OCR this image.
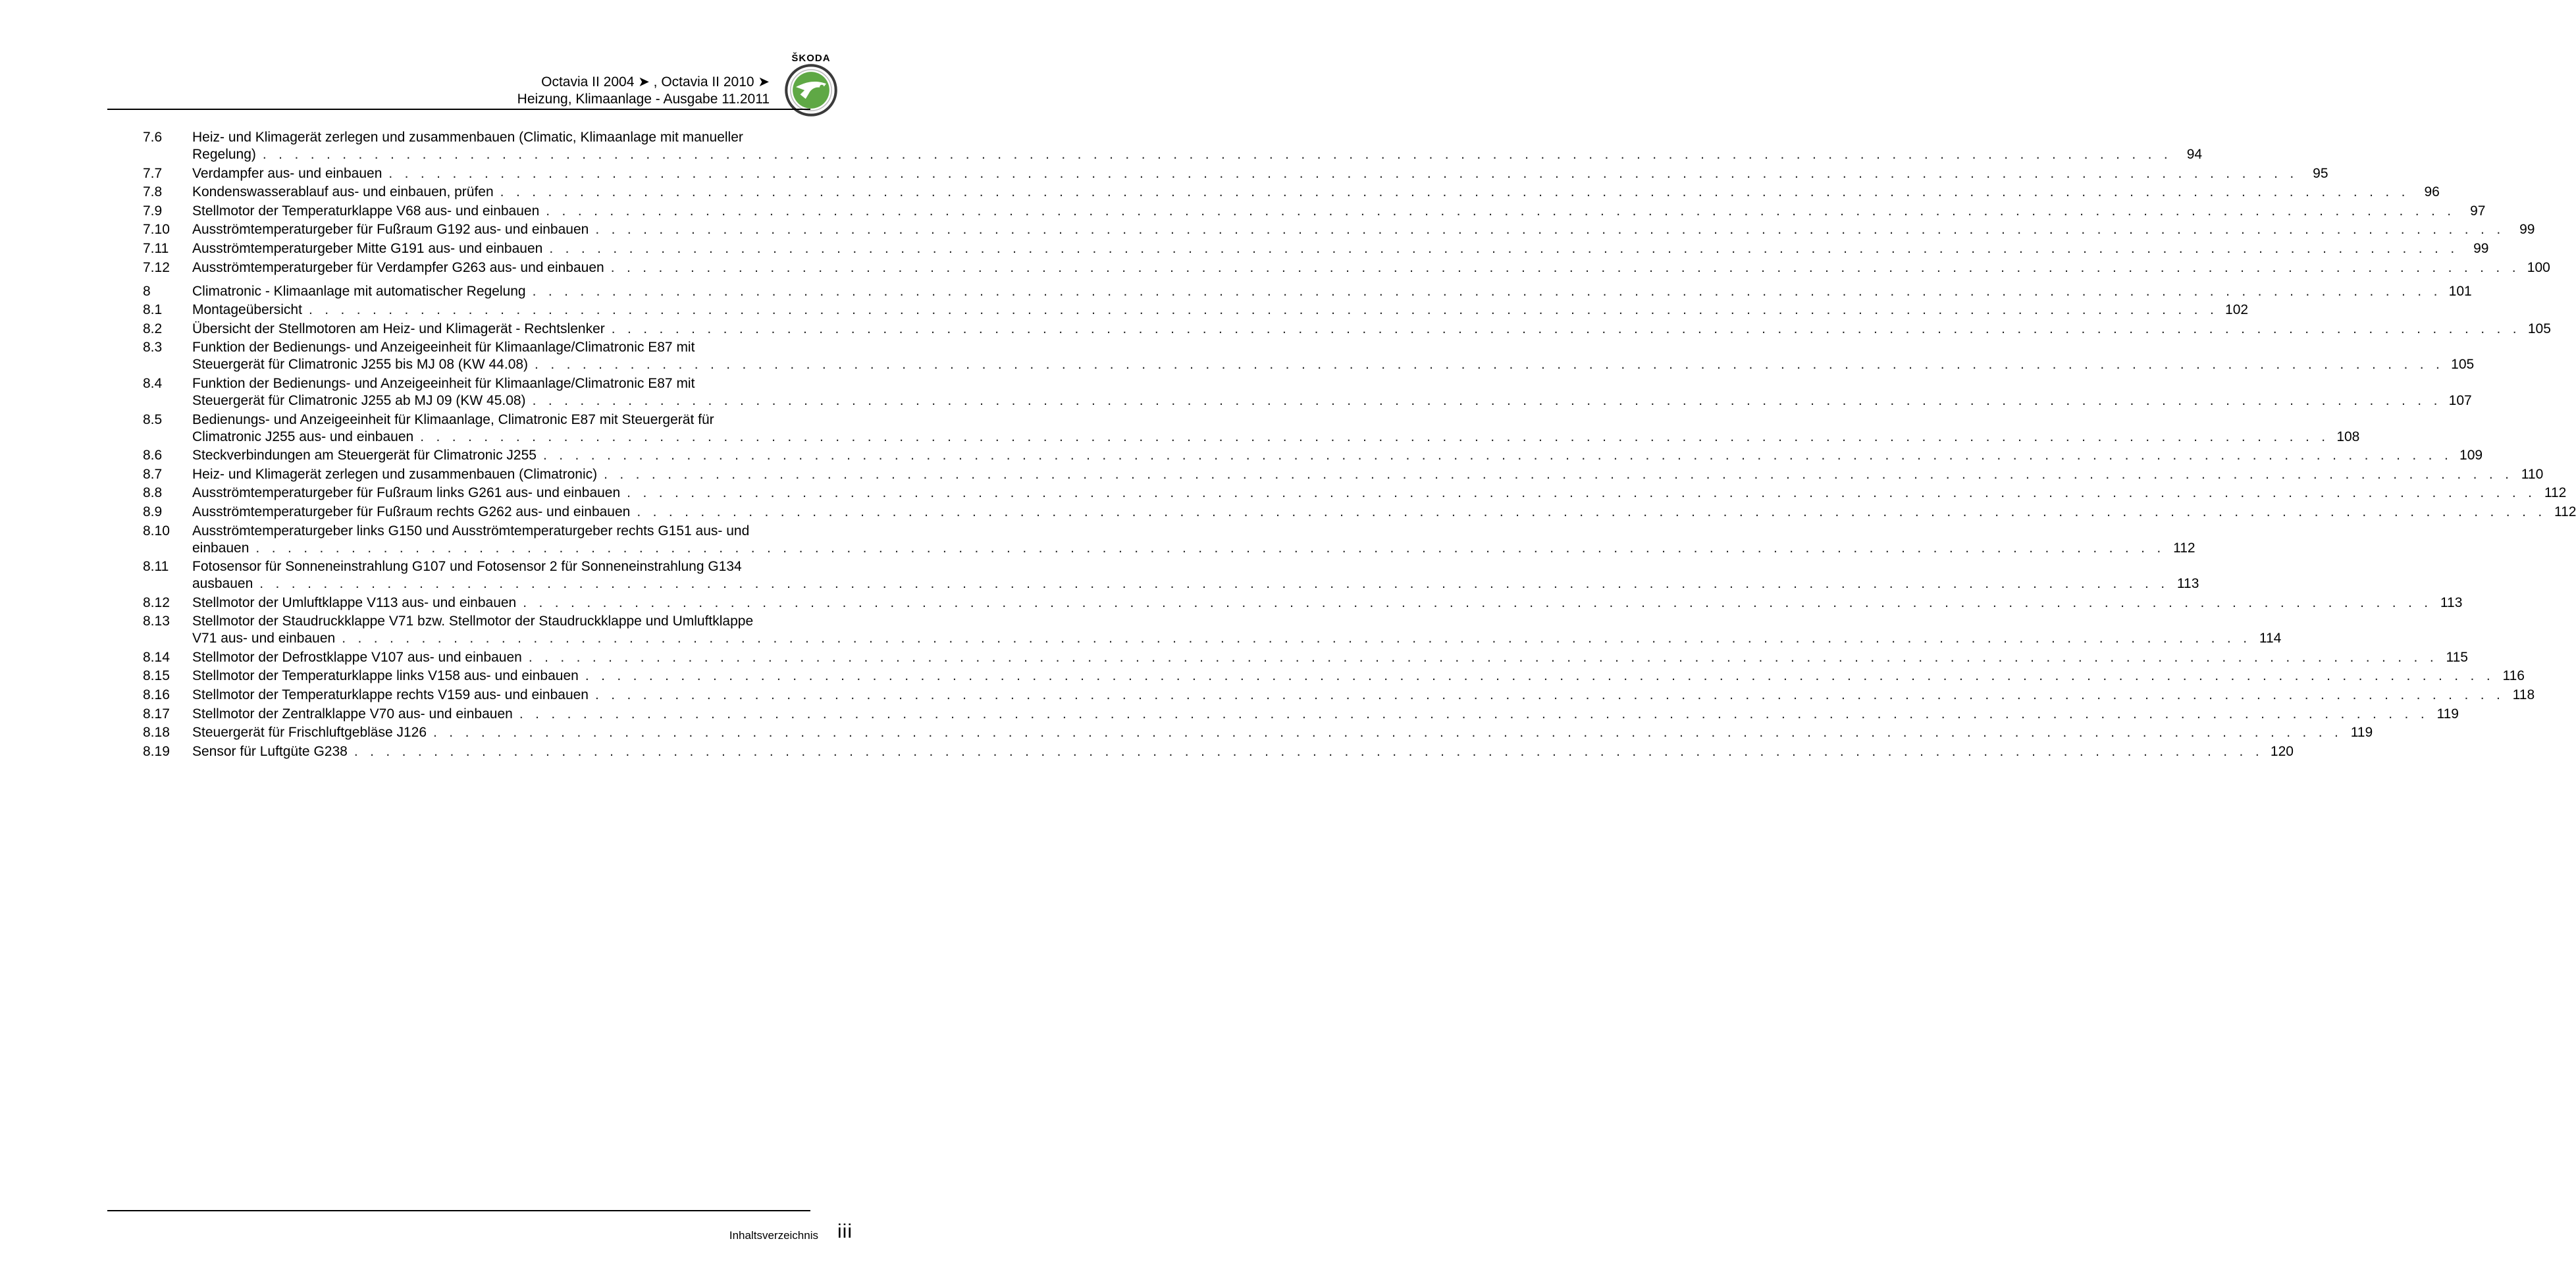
ŠKODA
Octavia II 2004 ➤ , Octavia II 2010 ➤
Heizung, Klimaanlage - Ausgabe 11.2011
7.6 Heiz- und Klimagerät zerlegen und zusammenbauen (Climatic, Klimaanlage mit manueller
Regelung) . . . . . . . . . . . . . . . . . . . . . . . . . . . . . . . . . . . . . . . . . . . . . . . . . . . . . . . . . . . . . . . . . . . . . . . . . . . . . . . . . . . . . . . . . . . . . . . . . . . . . . . . . . . . . . . . . . . . . . . .	94
7.7 Verdampfer aus- und einbauen . . . . . . . . . . . . . . . . . . . . . . . . . . . . . . . . . . . . . . . . . . . . . . . . . . . . . . . . . . . . . . . . . . . . . . . . . . . . . . . . . . . . . . . . . . . . . . . . . . . . . . . . . . . . . . . . . . . . . . . .	95
7.8 Kondenswasserablauf aus- und einbauen, prüfen . . . . . . . . . . . . . . . . . . . . . . . . . . . . . . . . . . . . . . . . . . . . . . . . . . . . . . . . . . . . . . . . . . . . . . . . . . . . . . . . . . . . . . . . . . . . . . . . . . . . . . . . . . . . . . . . . . . . . . . .	96
7.9 Stellmotor der Temperaturklappe V68 aus- und einbauen . . . . . . . . . . . . . . . . . . . . . . . . . . . . . . . . . . . . . . . . . . . . . . . . . . . . . . . . . . . . . . . . . . . . . . . . . . . . . . . . . . . . . . . . . . . . . . . . . . . . . . . . . . . . . . . . . . . . . . . .	97
7.10 Ausströmtemperaturgeber für Fußraum G192 aus- und einbauen . . . . . . . . . . . . . . . . . . . . . . . . . . . . . . . . . . . . . . . . . . . . . . . . . . . . . . . . . . . . . . . . . . . . . . . . . . . . . . . . . . . . . . . . . . . . . . . . . . . . . . . . . . . . . . . . . . . . . . . .	99
7.11 Ausströmtemperaturgeber Mitte G191 aus- und einbauen . . . . . . . . . . . . . . . . . . . . . . . . . . . . . . . . . . . . . . . . . . . . . . . . . . . . . . . . . . . . . . . . . . . . . . . . . . . . . . . . . . . . . . . . . . . . . . . . . . . . . . . . . . . . . . . . . . . . . . . .	99
7.12 Ausströmtemperaturgeber für Verdampfer G263 aus- und einbauen . . . . . . . . . . . . . . . . . . . . . . . . . . . . . . . . . . . . . . . . . . . . . . . . . . . . . . . . . . . . . . . . . . . . . . . . . . . . . . . . . . . . . . . . . . . . . . . . . . . . . . . . . . . . . . . . . . . . . . . . 100
8	Climatronic - Klimaanlage mit automatischer Regelung . . . . . . . . . . . . . . . . . . . . . . . . . . . . . . . . . . . . . . . . . . . . . . . . . . . . . . . . . . . . . . . . . . . . . . . . . . . . . . . . . . . . . . . . . . . . . . . . . . . . . . . . . . . . . . . . . . . . . . . . 101
8.1 Montageübersicht . . . . . . . . . . . . . . . . . . . . . . . . . . . . . . . . . . . . . . . . . . . . . . . . . . . . . . . . . . . . . . . . . . . . . . . . . . . . . . . . . . . . . . . . . . . . . . . . . . . . . . . . . . . . . . . . . . . . . . . . 102
8.2 Übersicht der Stellmotoren am Heiz- und Klimagerät - Rechtslenker . . . . . . . . . . . . . . . . . . . . . . . . . . . . . . . . . . . . . . . . . . . . . . . . . . . . . . . . . . . . . . . . . . . . . . . . . . . . . . . . . . . . . . . . . . . . . . . . . . . . . . . . . . . . . . . . . . . . . . . . 105
8.3 Funktion der Bedienungs- und Anzeigeeinheit für Klimaanlage/Climatronic E87 mit
Steuergerät für Climatronic J255 bis MJ 08 (KW 44.08) . . . . . . . . . . . . . . . . . . . . . . . . . . . . . . . . . . . . . . . . . . . . . . . . . . . . . . . . . . . . . . . . . . . . . . . . . . . . . . . . . . . . . . . . . . . . . . . . . . . . . . . . . . . . . . . . . . . . . . . . 105
8.4 Funktion der Bedienungs- und Anzeigeeinheit für Klimaanlage/Climatronic E87 mit
Steuergerät für Climatronic J255 ab MJ 09 (KW 45.08) . . . . . . . . . . . . . . . . . . . . . . . . . . . . . . . . . . . . . . . . . . . . . . . . . . . . . . . . . . . . . . . . . . . . . . . . . . . . . . . . . . . . . . . . . . . . . . . . . . . . . . . . . . . . . . . . . . . . . . . . 107
8.5 Bedienungs- und Anzeigeeinheit für Klimaanlage, Climatronic E87 mit Steuergerät für
Climatronic J255 aus- und einbauen . . . . . . . . . . . . . . . . . . . . . . . . . . . . . . . . . . . . . . . . . . . . . . . . . . . . . . . . . . . . . . . . . . . . . . . . . . . . . . . . . . . . . . . . . . . . . . . . . . . . . . . . . . . . . . . . . . . . . . . . 108
8.6 Steckverbindungen am Steuergerät für Climatronic J255 . . . . . . . . . . . . . . . . . . . . . . . . . . . . . . . . . . . . . . . . . . . . . . . . . . . . . . . . . . . . . . . . . . . . . . . . . . . . . . . . . . . . . . . . . . . . . . . . . . . . . . . . . . . . . . . . . . . . . . . . 109
8.7 Heiz- und Klimagerät zerlegen und zusammenbauen (Climatronic) . . . . . . . . . . . . . . . . . . . . . . . . . . . . . . . . . . . . . . . . . . . . . . . . . . . . . . . . . . . . . . . . . . . . . . . . . . . . . . . . . . . . . . . . . . . . . . . . . . . . . . . . . . . . . . . . . . . . . . . . 110
8.8 Ausströmtemperaturgeber für Fußraum links G261 aus- und einbauen . . . . . . . . . . . . . . . . . . . . . . . . . . . . . . . . . . . . . . . . . . . . . . . . . . . . . . . . . . . . . . . . . . . . . . . . . . . . . . . . . . . . . . . . . . . . . . . . . . . . . . . . . . . . . . . . . . . . . . . . 112
8.9 Ausströmtemperaturgeber für Fußraum rechts G262 aus- und einbauen . . . . . . . . . . . . . . . . . . . . . . . . . . . . . . . . . . . . . . . . . . . . . . . . . . . . . . . . . . . . . . . . . . . . . . . . . . . . . . . . . . . . . . . . . . . . . . . . . . . . . . . . . . . . . . . . . . . . . . . . 112
8.10 Ausströmtemperaturgeber links G150 und Ausströmtemperaturgeber rechts G151 aus- und
einbauen . . . . . . . . . . . . . . . . . . . . . . . . . . . . . . . . . . . . . . . . . . . . . . . . . . . . . . . . . . . . . . . . . . . . . . . . . . . . . . . . . . . . . . . . . . . . . . . . . . . . . . . . . . . . . . . . . . . . . . . . 112
8.11 Fotosensor für Sonneneinstrahlung G107 und Fotosensor 2 für Sonneneinstrahlung G134
ausbauen . . . . . . . . . . . . . . . . . . . . . . . . . . . . . . . . . . . . . . . . . . . . . . . . . . . . . . . . . . . . . . . . . . . . . . . . . . . . . . . . . . . . . . . . . . . . . . . . . . . . . . . . . . . . . . . . . . . . . . . . 113
8.12 Stellmotor der Umluftklappe V113 aus- und einbauen . . . . . . . . . . . . . . . . . . . . . . . . . . . . . . . . . . . . . . . . . . . . . . . . . . . . . . . . . . . . . . . . . . . . . . . . . . . . . . . . . . . . . . . . . . . . . . . . . . . . . . . . . . . . . . . . . . . . . . . . 113
8.13 Stellmotor der Staudruckklappe V71 bzw. Stellmotor der Staudruckklappe und Umluftklappe
V71 aus- und einbauen . . . . . . . . . . . . . . . . . . . . . . . . . . . . . . . . . . . . . . . . . . . . . . . . . . . . . . . . . . . . . . . . . . . . . . . . . . . . . . . . . . . . . . . . . . . . . . . . . . . . . . . . . . . . . . . . . . . . . . . . 114
8.14 Stellmotor der Defrostklappe V107 aus- und einbauen . . . . . . . . . . . . . . . . . . . . . . . . . . . . . . . . . . . . . . . . . . . . . . . . . . . . . . . . . . . . . . . . . . . . . . . . . . . . . . . . . . . . . . . . . . . . . . . . . . . . . . . . . . . . . . . . . . . . . . . . 115
8.15 Stellmotor der Temperaturklappe links V158 aus- und einbauen . . . . . . . . . . . . . . . . . . . . . . . . . . . . . . . . . . . . . . . . . . . . . . . . . . . . . . . . . . . . . . . . . . . . . . . . . . . . . . . . . . . . . . . . . . . . . . . . . . . . . . . . . . . . . . . . . . . . . . . . 116
8.16 Stellmotor der Temperaturklappe rechts V159 aus- und einbauen . . . . . . . . . . . . . . . . . . . . . . . . . . . . . . . . . . . . . . . . . . . . . . . . . . . . . . . . . . . . . . . . . . . . . . . . . . . . . . . . . . . . . . . . . . . . . . . . . . . . . . . . . . . . . . . . . . . . . . . . 118
8.17 Stellmotor der Zentralklappe V70 aus- und einbauen . . . . . . . . . . . . . . . . . . . . . . . . . . . . . . . . . . . . . . . . . . . . . . . . . . . . . . . . . . . . . . . . . . . . . . . . . . . . . . . . . . . . . . . . . . . . . . . . . . . . . . . . . . . . . . . . . . . . . . . . 119
8.18 Steuergerät für Frischluftgebläse J126 . . . . . . . . . . . . . . . . . . . . . . . . . . . . . . . . . . . . . . . . . . . . . . . . . . . . . . . . . . . . . . . . . . . . . . . . . . . . . . . . . . . . . . . . . . . . . . . . . . . . . . . . . . . . . . . . . . . . . . . . 119
8.19 Sensor für Luftgüte G238 . . . . . . . . . . . . . . . . . . . . . . . . . . . . . . . . . . . . . . . . . . . . . . . . . . . . . . . . . . . . . . . . . . . . . . . . . . . . . . . . . . . . . . . . . . . . . . . . . . . . . . . . . . . . . . . . . . . . . . . . 120
Inhaltsverzeichnis iii
